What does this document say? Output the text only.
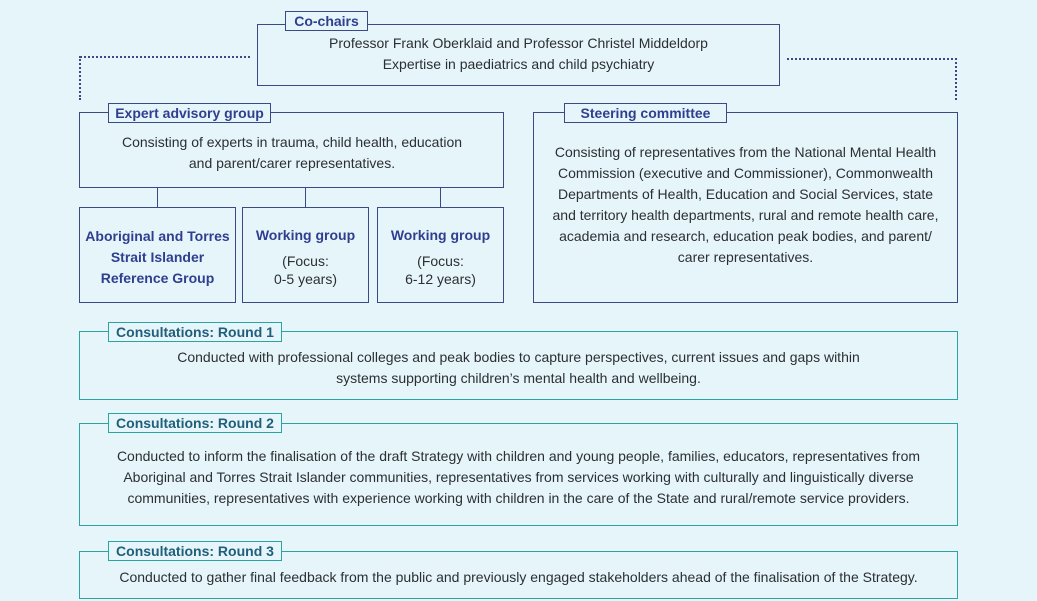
Professor Frank Oberklaid and Professor Christel Middeldorp
Expertise in paediatrics and child psychiatry
Co-chairs
Consisting of experts in trauma, child health, education and parent/carer representatives.
Expert advisory group
Aboriginal and Torres Strait Islander Reference Group
Working group
(Focus:
0-5 years)
Working group
(Focus:
6-12 years)
Consisting of representatives from the National Mental Health Commission (executive and Commissioner), Commonwealth Departments of Health, Education and Social Services, state and territory health departments, rural and remote health care, academia and research, education peak bodies, and parent/ carer representatives.
Steering committee
Conducted with professional colleges and peak bodies to capture perspectives, current issues and gaps within systems supporting children’s mental health and wellbeing.
Consultations: Round 1
Conducted to inform the finalisation of the draft Strategy with children and young people, families, educators, representatives from Aboriginal and Torres Strait Islander communities, representatives from services working with culturally and linguistically diverse communities, representatives with experience working with children in the care of the State and rural/remote service providers.
Consultations: Round 2
Conducted to gather final feedback from the public and previously engaged stakeholders ahead of the finalisation of the Strategy.
Consultations: Round 3
